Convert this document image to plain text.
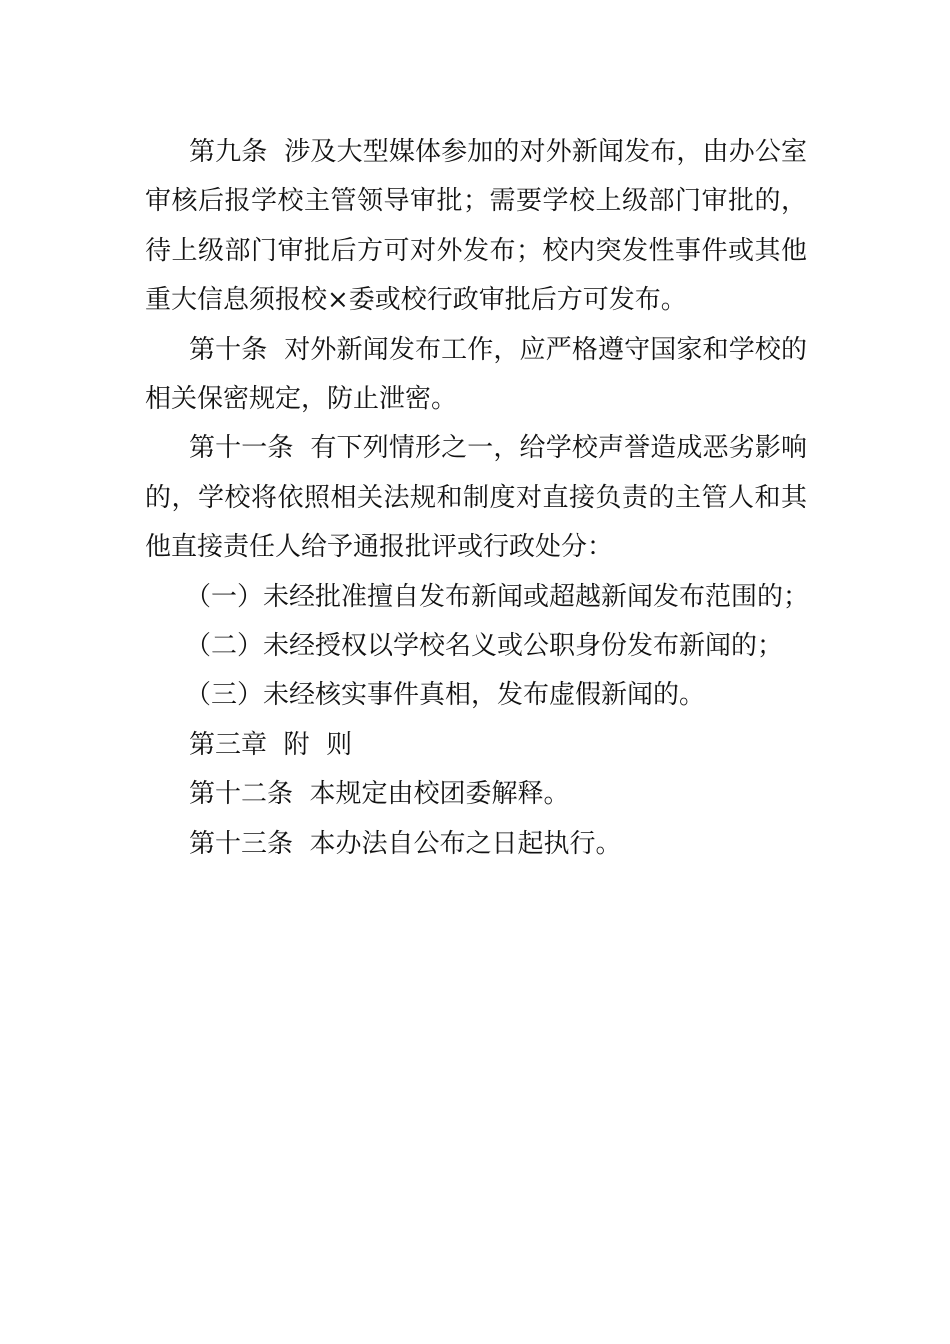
第九条 涉及大型媒体参加的对外新闻发布，由办公室审核后报学校主管领导审批；需要学校上级部门审批的，待上级部门审批后方可对外发布；校内突发性事件或其他重大信息须报校×委或校行政审批后方可发布。

第十条 对外新闻发布工作，应严格遵守国家和学校的相关保密规定，防止泄密。

第十一条 有下列情形之一，给学校声誉造成恶劣影响的，学校将依照相关法规和制度对直接负责的主管人和其他直接责任人给予通报批评或行政处分：

（一）未经批准擅自发布新闻或超越新闻发布范围的；

（二）未经授权以学校名义或公职身份发布新闻的；

（三）未经核实事件真相，发布虚假新闻的。

第三章 附  则

第十二条 本规定由校团委解释。

第十三条 本办法自公布之日起执行。
